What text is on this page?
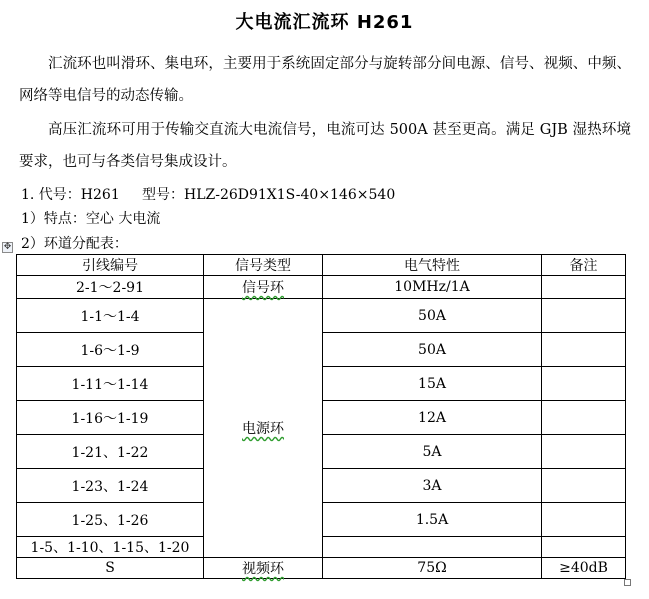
大电流汇流环 H261
汇流环也叫滑环、集电环，主要用于系统固定部分与旋转部分间电源、信号、视频、中频、网络等电信号的动态传输。
高压汇流环可用于传输交直流大电流信号，电流可达 500A 甚至更高。满足 GJB 湿热环境要求，也可与各类信号集成设计。
1. 代号：H261     型号：HLZ-26D91X1S-40×146×540
1）特点：空心 大电流
2）环道分配表：
✥
引线编号	信号类型	电气特性	备注
2-1～2-91	信号环	10MHz/1A	
1-1～1-4	电源环	50A	
1-6～1-9		50A	
1-11～1-14		15A	
1-16～1-19		12A	
1-21、1-22		5A	
1-23、1-24		3A	
1-25、1-26		1.5A	
1-5、1-10、1-15、1-20			
S	视频环	75Ω	≥40dB
